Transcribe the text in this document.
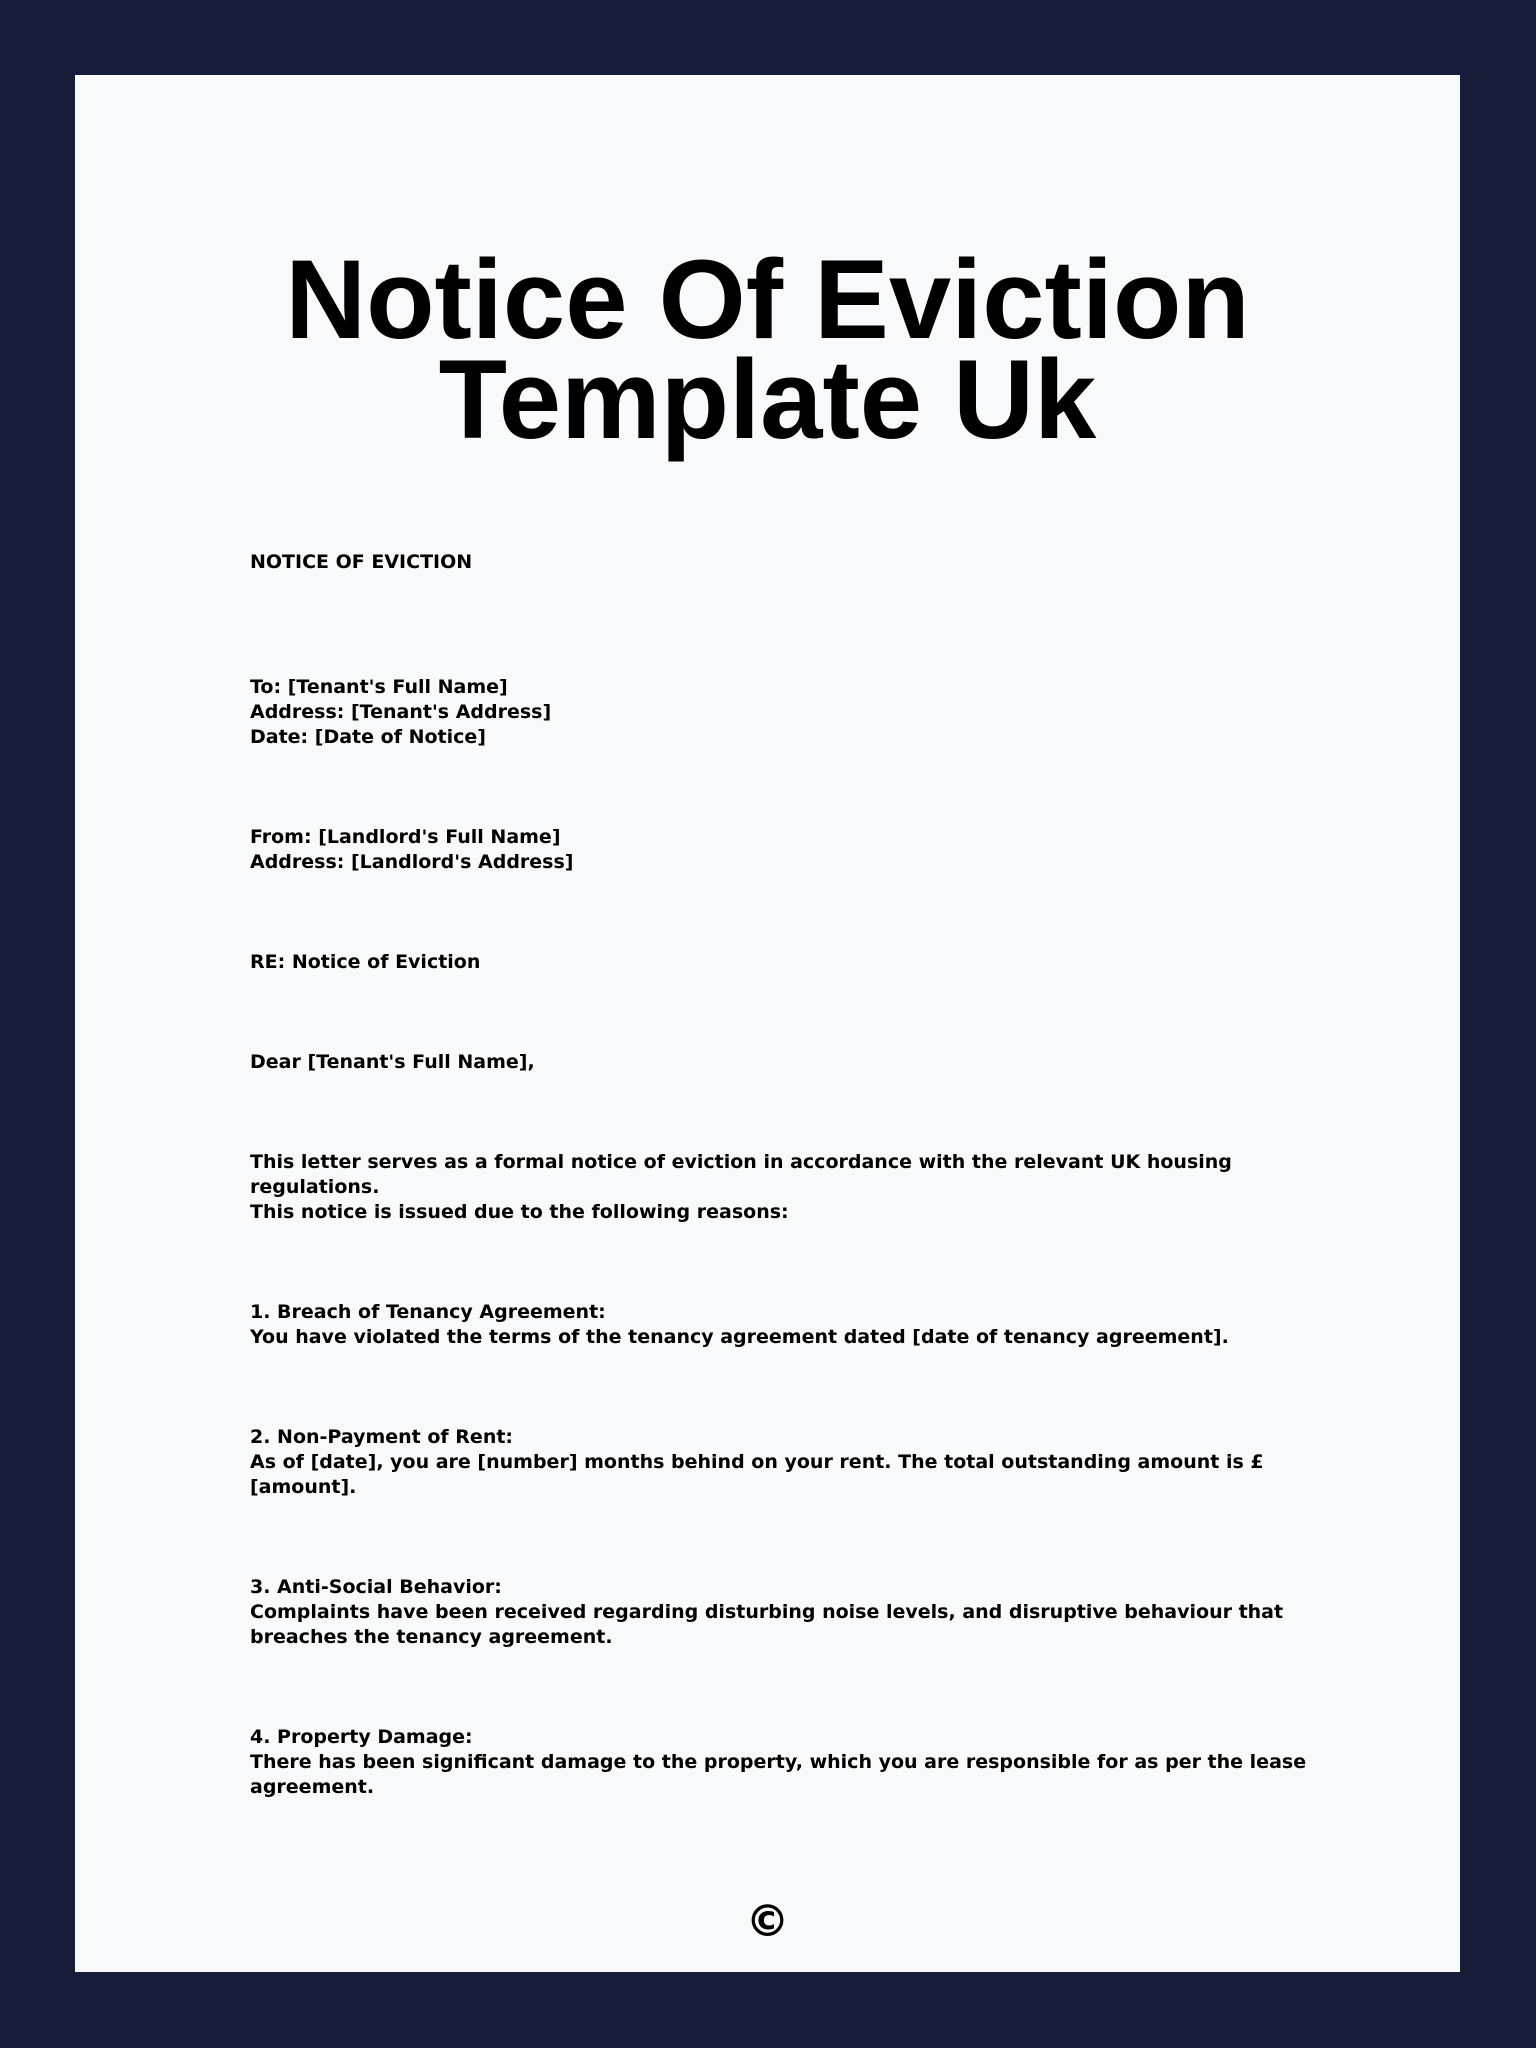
Notice Of Eviction Template Uk

NOTICE OF EVICTION

To: [Tenant's Full Name]

Address: [Tenant's Address]

Date: [Date of Notice]

From: [Landlord's Full Name]

Address: [Landlord's Address]

RE: Notice of Eviction

Dear [Tenant's Full Name],

This letter serves as a formal notice of eviction in accordance with the relevant UK housing regulations.

This notice is issued due to the following reasons:

1. Breach of Tenancy Agreement:

You have violated the terms of the tenancy agreement dated [date of tenancy agreement].

2. Non-Payment of Rent:

As of [date], you are [number] months behind on your rent. The total outstanding amount is £[amount].

3. Anti-Social Behavior:

Complaints have been received regarding disturbing noise levels, and disruptive behaviour that breaches the tenancy agreement.

4. Property Damage:

There has been significant damage to the property, which you are responsible for as per the lease agreement.

©
